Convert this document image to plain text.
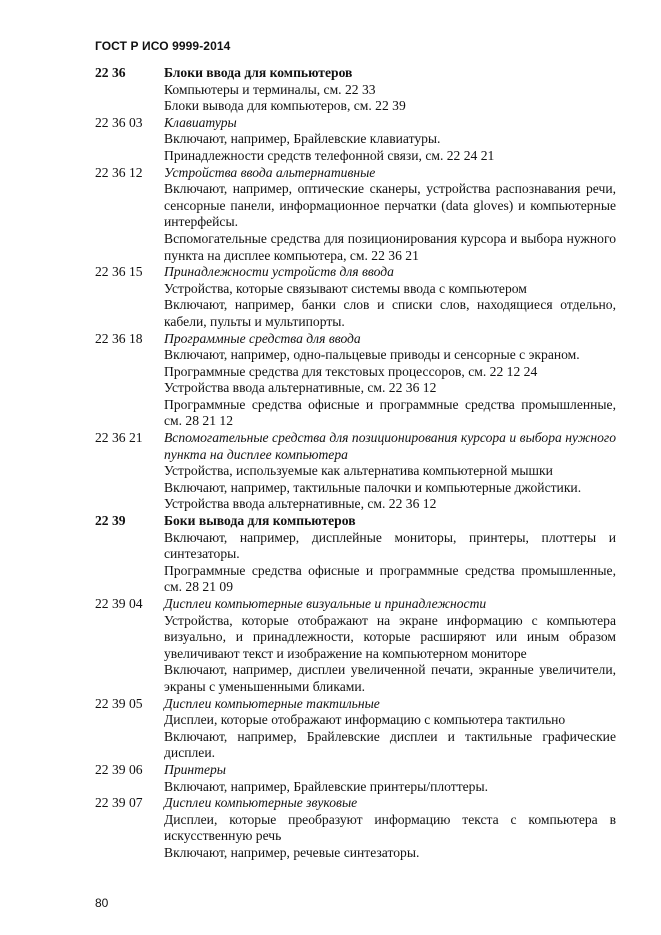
ГОСТ Р ИСО 9999-2014
22 36	Блоки ввода для компьютеров
Компьютеры и терминалы, см. 22 33
Блоки вывода для компьютеров, см. 22 39
22 36 03	Клавиатуры
Включают, например, Брайлевские клавиатуры.
Принадлежности средств телефонной связи, см. 22 24 21
22 36 12	Устройства ввода альтернативные
Включают, например, оптические сканеры, устройства распознавания речи, сенсорные панели, информационное перчатки (data gloves) и компьютерные интерфейсы.
Вспомогательные средства для позиционирования курсора и выбора нужного пункта на дисплее компьютера, см. 22 36 21
22 36 15	Принадлежности устройств для ввода
Устройства, которые связывают системы ввода с компьютером
Включают, например, банки слов и списки слов, находящиеся отдельно, кабели, пульты и мультипорты.
22 36 18	Программные средства для ввода
Включают, например, одно-пальцевые приводы и сенсорные с экраном.
Программные средства для текстовых процессоров, см. 22 12 24
Устройства ввода альтернативные, см. 22 36 12
Программные средства офисные и программные средства промышленные, см. 28 21 12
22 36 21	Вспомогательные средства для позиционирования курсора и выбора нужного пункта на дисплее компьютера
Устройства, используемые как альтернатива компьютерной мышки
Включают, например, тактильные палочки и компьютерные джойстики.
Устройства ввода альтернативные, см. 22 36 12
22 39	Боки вывода для компьютеров
Включают, например, дисплейные мониторы, принтеры, плоттеры и синтезаторы.
Программные средства офисные и программные средства промышленные, см. 28 21 09
22 39 04	Дисплеи компьютерные визуальные и принадлежности
Устройства, которые отображают на экране информацию с компьютера визуально, и принадлежности, которые расширяют или иным образом увеличивают текст и изображение на компьютерном мониторе
Включают, например, дисплеи увеличенной печати, экранные увеличители, экраны с уменьшенными бликами.
22 39 05	Дисплеи компьютерные тактильные
Дисплеи, которые отображают информацию с компьютера тактильно
Включают, например, Брайлевские дисплеи и тактильные графические дисплеи.
22 39 06	Принтеры
Включают, например, Брайлевские принтеры/плоттеры.
22 39 07	Дисплеи компьютерные звуковые
Дисплеи, которые преобразуют информацию текста с компьютера в искусственную речь
Включают, например, речевые синтезаторы.
80
